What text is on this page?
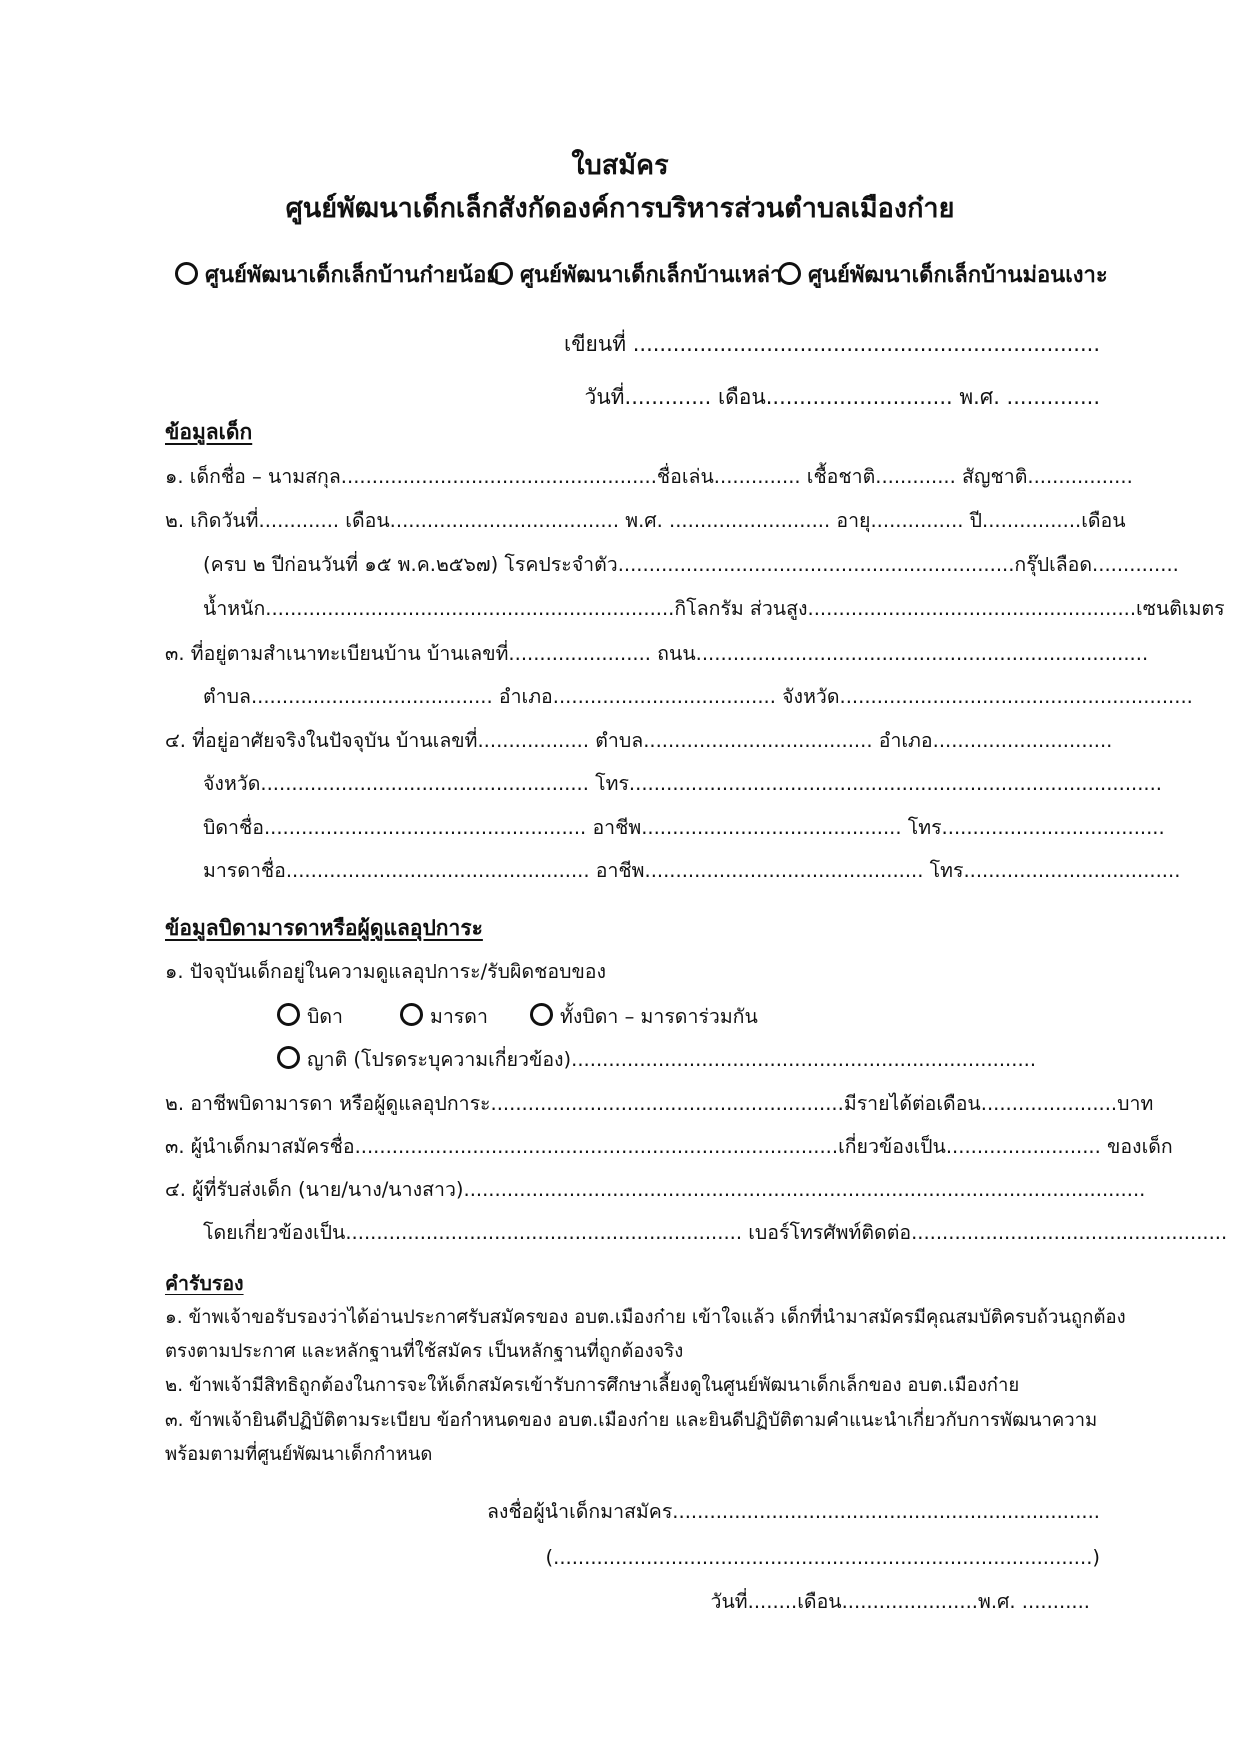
ใบสมัคร

ศูนย์พัฒนาเด็กเล็กสังกัดองค์การบริหารส่วนตำบลเมืองก๋าย

ศูนย์พัฒนาเด็กเล็กบ้านก๋ายน้อย ศูนย์พัฒนาเด็กเล็กบ้านเหล่า	ศูนย์พัฒนาเด็กเล็กบ้านม่อนเงาะ

เขียนที่ ......................................................................

วันที่............. เดือน............................ พ.ศ. ..............

ข้อมูลเด็ก

๑. เด็กชื่อ – นามสกุล...................................................ชื่อเล่น.............. เชื้อชาติ............. สัญชาติ.................

๒. เกิดวันที่............. เดือน..................................... พ.ศ. .......................... อายุ............... ปี................เดือน

(ครบ ๒ ปีก่อนวันที่ ๑๕ พ.ค.๒๕๖๗) โรคประจำตัว................................................................กรุ๊ปเลือด..............

น้ำหนัก..................................................................กิโลกรัม ส่วนสูง.....................................................เซนติเมตร

๓. ที่อยู่ตามสำเนาทะเบียนบ้าน บ้านเลขที่....................... ถนน.........................................................................

ตำบล....................................... อำเภอ.................................... จังหวัด.........................................................

๔. ที่อยู่อาศัยจริงในปัจจุบัน บ้านเลขที่.................. ตำบล..................................... อำเภอ.............................

จังหวัด..................................................... โทร......................................................................................

บิดาชื่อ.................................................... อาชีพ.......................................... โทร....................................

มารดาชื่อ................................................. อาชีพ............................................. โทร...................................

ข้อมูลบิดามารดาหรือผู้ดูแลอุปการะ

๑. ปัจจุบันเด็กอยู่ในความดูแลอุปการะ/รับผิดชอบของ

บิดา	มารดา	ทั้งบิดา – มารดาร่วมกัน
ญาติ (โปรดระบุความเกี่ยวข้อง)...........................................................................

๒. อาชีพบิดามารดา หรือผู้ดูแลอุปการะ.........................................................มีรายได้ต่อเดือน......................บาท

๓. ผู้นำเด็กมาสมัครชื่อ..............................................................................เกี่ยวข้องเป็น......................... ของเด็ก

๔. ผู้ที่รับส่งเด็ก (นาย/นาง/นางสาว)..............................................................................................................

โดยเกี่ยวข้องเป็น................................................................ เบอร์โทรศัพท์ติดต่อ...................................................

คำรับรอง

๑. ข้าพเจ้าขอรับรองว่าได้อ่านประกาศรับสมัครของ อบต.เมืองก๋าย เข้าใจแล้ว เด็กที่นำมาสมัครมีคุณสมบัติครบถ้วนถูกต้อง

ตรงตามประกาศ และหลักฐานที่ใช้สมัคร เป็นหลักฐานที่ถูกต้องจริง

๒. ข้าพเจ้ามีสิทธิถูกต้องในการจะให้เด็กสมัครเข้ารับการศึกษาเลี้ยงดูในศูนย์พัฒนาเด็กเล็กของ อบต.เมืองก๋าย

๓. ข้าพเจ้ายินดีปฏิบัติตามระเบียบ ข้อกำหนดของ อบต.เมืองก๋าย และยินดีปฏิบัติตามคำแนะนำเกี่ยวกับการพัฒนาความ

พร้อมตามที่ศูนย์พัฒนาเด็กกำหนด

ลงชื่อผู้นำเด็กมาสมัคร.....................................................................

(.......................................................................................)

วันที่........เดือน......................พ.ศ. ...........
